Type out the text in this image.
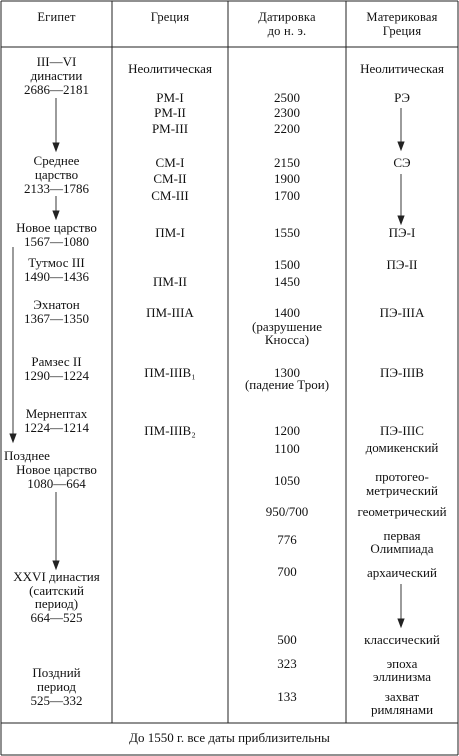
Египет	Греция	Датировка
до н. э.
Материковая
Греция
III—VI
династии
2686—2181
Среднее
царство
2133—1786
Новое царство
1567—1080
Тутмос III
1490—1436
Эхнатон
1367—1350
Рамзес II
1290—1224
Мернептах
1224—1214
Позднее
Новое царство
1080—664
XXVI династия
(саитский
период)
664—525
Поздний
период
525—332
Неолитическая
РМ-I
РМ-II
РМ-III
СМ-I
СМ-II
СМ-III
ПМ-I
ПМ-II
ПМ-IIIA
ПМ-IIIB₁
ПМ-IIIB₂
2500
2300
2200
2150
1900
1700
1550
1500
1450
1400
(разрушение
Кносса)
1300
(падение Трои)
1200
1100
1050
950/700
776
700
500
323
133
Неолитическая
РЭ
СЭ
ПЭ-I
ПЭ-II
ПЭ-IIIA
ПЭ-IIIB
ПЭ-IIIC
домикенский
протогео-
метрический
геометрический
первая
Олимпиада
архаический
классический
эпоха
эллинизма
захват
римлянами
До 1550 г. все даты приблизительны
